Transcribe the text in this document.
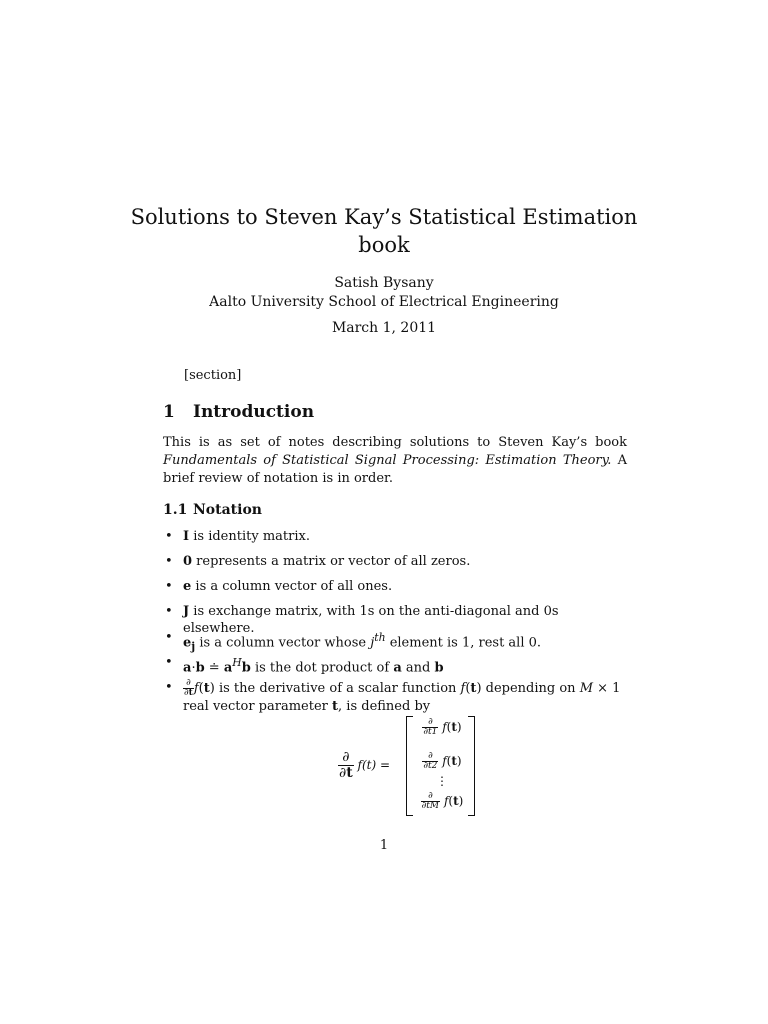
Solutions to Steven Kay’s Statistical Estimation
book
Satish Bysany
Aalto University School of Electrical Engineering
March 1, 2011
[section]
1 Introduction
This is as set of notes describing solutions to Steven Kay’s book Fundamentals of Statistical Signal Processing: Estimation Theory. A brief review of notation is in order.
1.1 Notation
• I is identity matrix.
• 0 represents a matrix or vector of all zeros.
• e is a column vector of all ones.
• J is exchange matrix, with 1s on the anti-diagonal and 0s elsewhere.
• $e_j$ is a column vector whose $j^{th}$ element is 1, rest all 0.
• a·b ≐ $a^Hb$ is the dot product of a and b
• $\frac{\partial}{\partial t} f(t)$ is the derivative of a scalar function f(t) depending on M × 1
real vector parameter t, is defined by
$\frac{\partial}{\partial t} f(t)$ =
$\frac{\partial}{\partial t1} f(t)$
$\frac{\partial}{\partial t2} f(t)$
⋮
$\frac{\partial}{\partial tM} f(t)$
1
